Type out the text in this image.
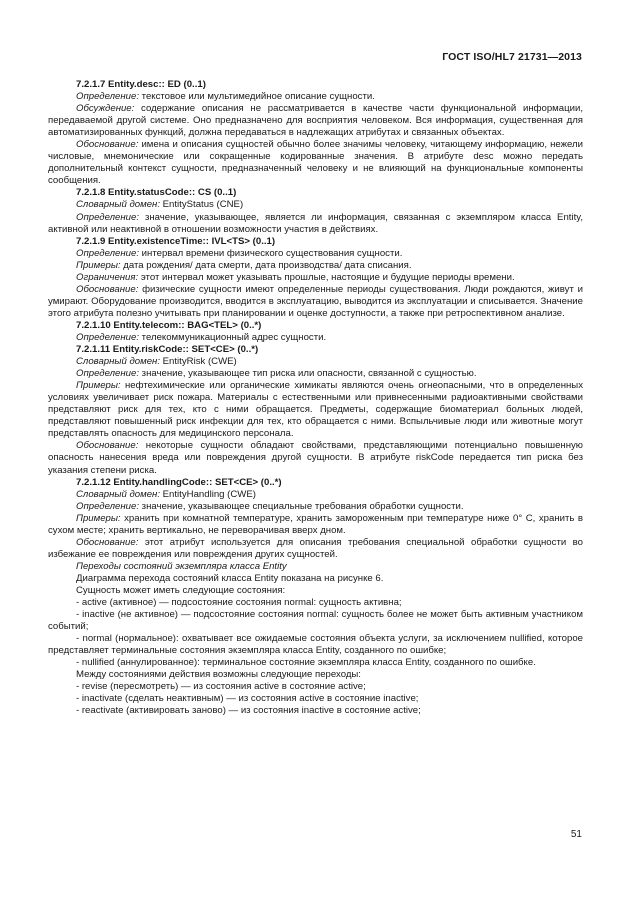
ГОСТ ISO/HL7 21731—2013

7.2.1.7 Entity.desc:: ED (0..1)

Определение: текстовое или мультимедийное описание сущности.

Обсуждение: содержание описания не рассматривается в качестве части функциональной информации, передаваемой другой системе. Оно предназначено для восприятия человеком. Вся информация, существенная для автоматизированных функций, должна передаваться в надлежащих атрибутах и связанных объектах.

Обоснование: имена и описания сущностей обычно более значимы человеку, читающему информацию, нежели числовые, мнемонические или сокращенные кодированные значения. В атрибуте desc можно передать дополнительный контекст сущности, предназначенный человеку и не влияющий на функциональные компоненты сообщения.

7.2.1.8 Entity.statusCode:: CS (0..1)

Словарный домен: EntityStatus (CNE)

Определение: значение, указывающее, является ли информация, связанная с экземпляром класса Entity, активной или неактивной в отношении возможности участия в действиях.

7.2.1.9 Entity.existenceTime:: IVL<TS> (0..1)

Определение: интервал времени физического существования сущности.

Примеры: дата рождения/ дата смерти, дата производства/ дата списания.

Ограничения: этот интервал может указывать прошлые, настоящие и будущие периоды времени.

Обоснование: физические сущности имеют определенные периоды существования. Люди рождаются, живут и умирают. Оборудование производится, вводится в эксплуатацию, выводится из эксплуатации и списывается. Значение этого атрибута полезно учитывать при планировании и оценке доступности, а также при ретроспективном анализе.

7.2.1.10 Entity.telecom:: BAG<TEL> (0..*)

Определение: телекоммуникационный адрес сущности.

7.2.1.11 Entity.riskCode:: SET<CE> (0..*)

Словарный домен: EntityRisk (CWE)

Определение: значение, указывающее тип риска или опасности, связанной с сущностью.

Примеры: нефтехимические или органические химикаты являются очень огнеопасными, что в определенных условиях увеличивает риск пожара. Материалы с естественными или привнесенными радиоактивными свойствами представляют риск для тех, кто с ними обращается. Предметы, содержащие биоматериал больных людей, представляют повышенный риск инфекции для тех, кто обращается с ними. Вспыльчивые люди или животные могут представлять опасность для медицинского персонала.

Обоснование: некоторые сущности обладают свойствами, представляющими потенциально повышенную опасность нанесения вреда или повреждения другой сущности. В атрибуте riskCode передается тип риска без указания степени риска.

7.2.1.12 Entity.handlingCode:: SET<CE> (0..*)

Словарный домен: EntityHandling (CWE)

Определение: значение, указывающее специальные требования обработки сущности.

Примеры: хранить при комнатной температуре, хранить замороженным при температуре ниже 0° C, хранить в сухом месте; хранить вертикально, не переворачивая вверх дном.

Обоснование: этот атрибут используется для описания требования специальной обработки сущности во избежание ее повреждения или повреждения других сущностей.

Переходы состояний экземпляра класса Entity

Диаграмма перехода состояний класса Entity показана на рисунке 6.

Сущность может иметь следующие состояния:

- active (активное) — подсостояние состояния normal: сущность активна;

- inactive (не активное) — подсостояние состояния normal: сущность более не может быть активным участником событий;

- normal (нормальное): охватывает все ожидаемые состояния объекта услуги, за исключением nullified, которое представляет терминальные состояния экземпляра класса Entity, созданного по ошибке;

- nullified (аннулированное): терминальное состояние экземпляра класса Entity, созданного по ошибке.

Между состояниями действия возможны следующие переходы:

- revise (пересмотреть) — из состояния active в состояние active;

- inactivate (сделать неактивным) — из состояния active в состояние inactive;

- reactivate (активировать заново) — из состояния inactive в состояние active;

51
